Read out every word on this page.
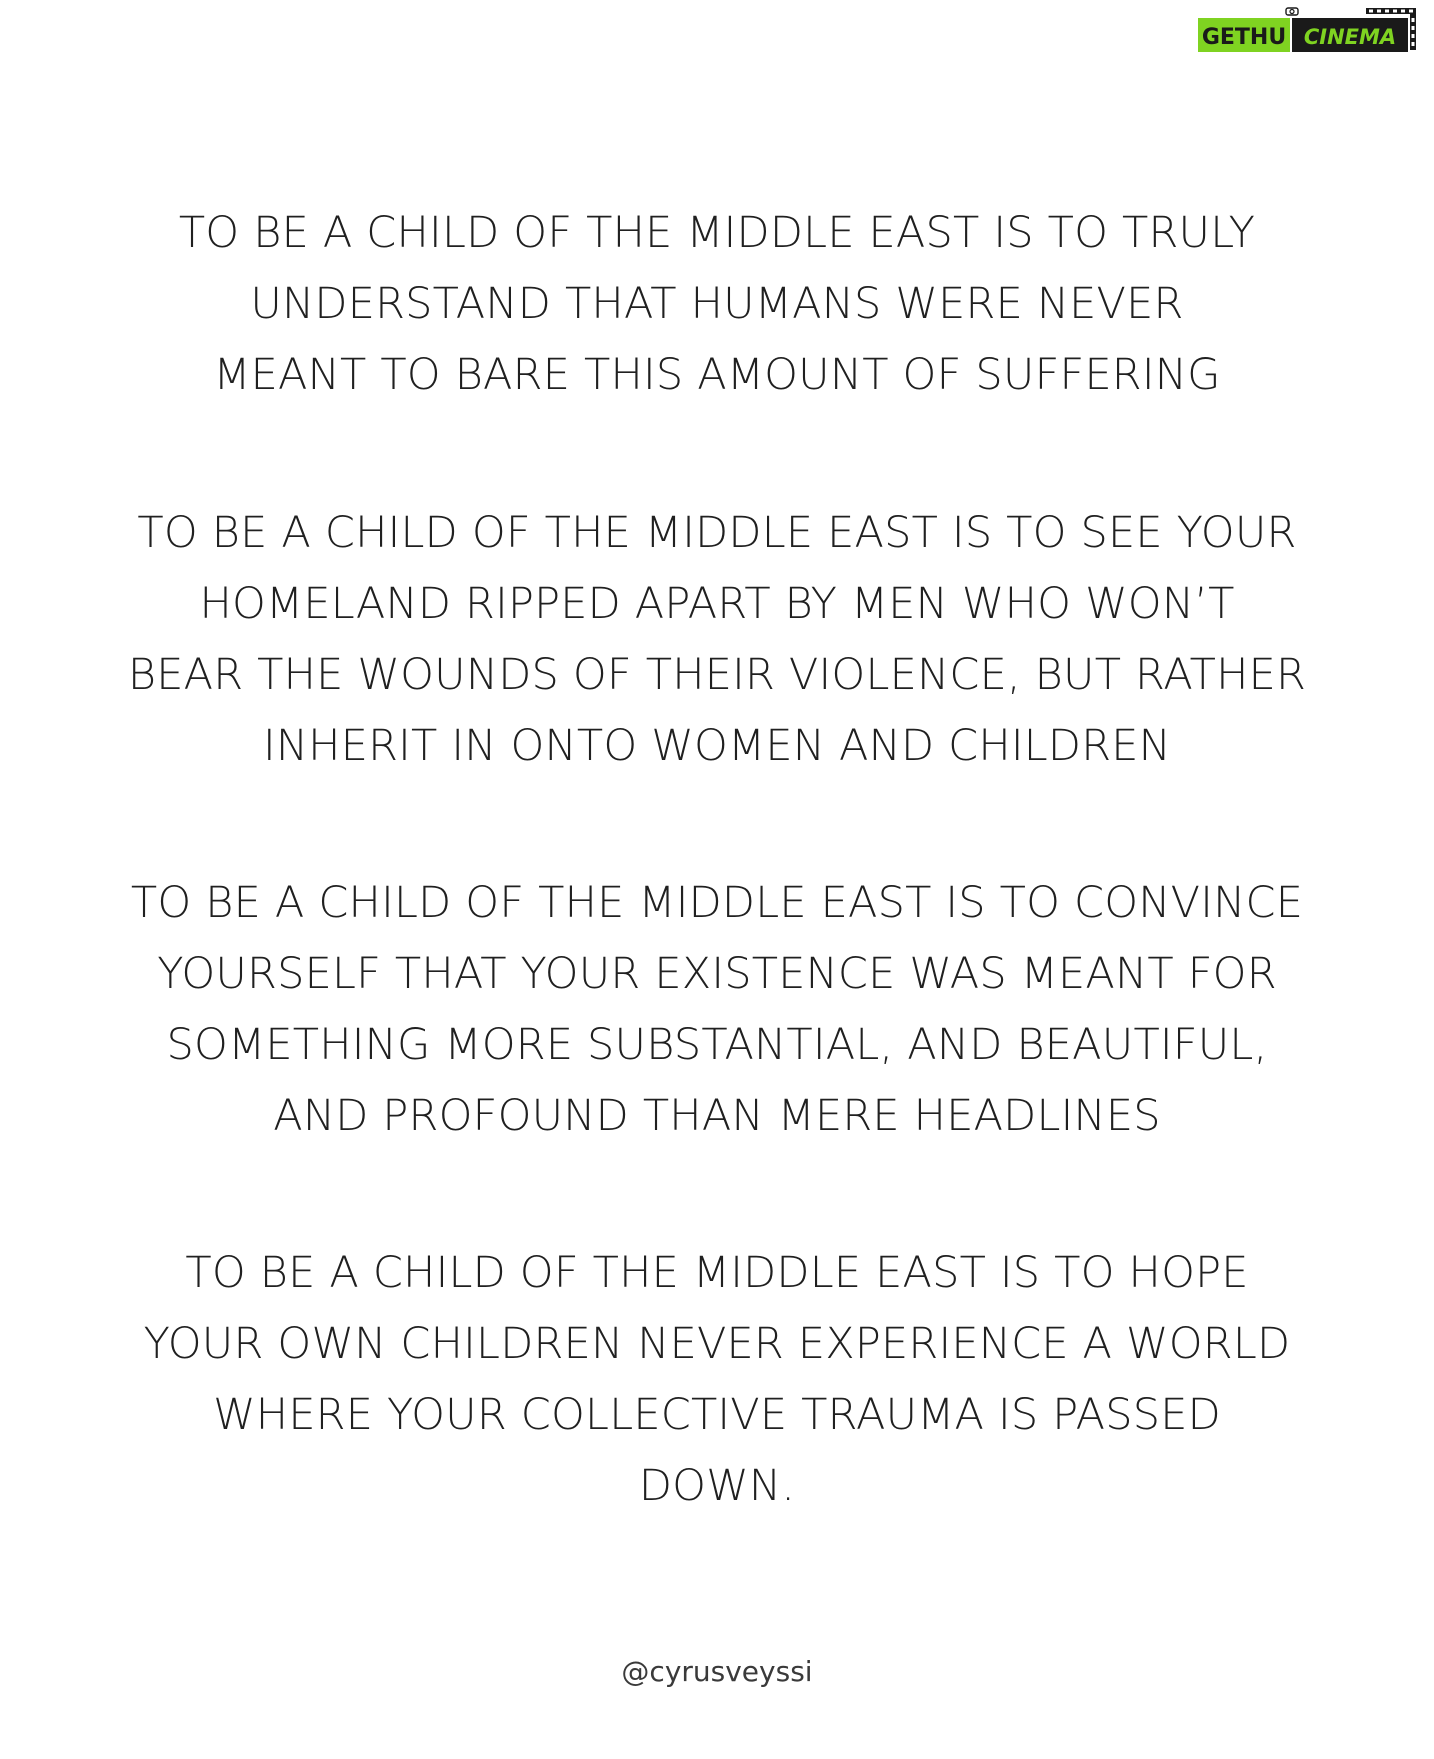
GETHU CINEMA
TO BE A CHILD OF THE MIDDLE EAST IS TO TRULY
UNDERSTAND THAT HUMANS WERE NEVER
MEANT TO BARE THIS AMOUNT OF SUFFERING
TO BE A CHILD OF THE MIDDLE EAST IS TO SEE YOUR
HOMELAND RIPPED APART BY MEN WHO WON’T
BEAR THE WOUNDS OF THEIR VIOLENCE, BUT RATHER
INHERIT IN ONTO WOMEN AND CHILDREN
TO BE A CHILD OF THE MIDDLE EAST IS TO CONVINCE
YOURSELF THAT YOUR EXISTENCE WAS MEANT FOR
SOMETHING MORE SUBSTANTIAL, AND BEAUTIFUL,
AND PROFOUND THAN MERE HEADLINES
TO BE A CHILD OF THE MIDDLE EAST IS TO HOPE
YOUR OWN CHILDREN NEVER EXPERIENCE A WORLD
WHERE YOUR COLLECTIVE TRAUMA IS PASSED
DOWN.
@cyrusveyssi
